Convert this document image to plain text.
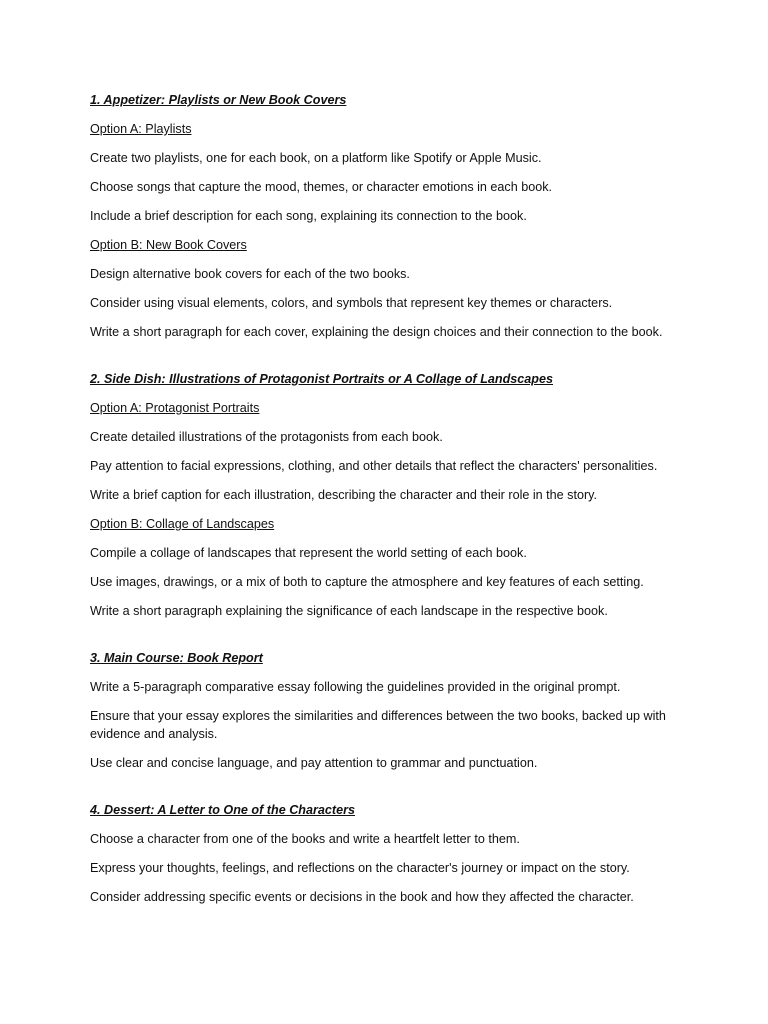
1. Appetizer: Playlists or New Book Covers

Option A: Playlists

Create two playlists, one for each book, on a platform like Spotify or Apple Music.

Choose songs that capture the mood, themes, or character emotions in each book.

Include a brief description for each song, explaining its connection to the book.

Option B: New Book Covers

Design alternative book covers for each of the two books.

Consider using visual elements, colors, and symbols that represent key themes or characters.

Write a short paragraph for each cover, explaining the design choices and their connection to the book.

2. Side Dish: Illustrations of Protagonist Portraits or A Collage of Landscapes

Option A: Protagonist Portraits

Create detailed illustrations of the protagonists from each book.

Pay attention to facial expressions, clothing, and other details that reflect the characters' personalities.

Write a brief caption for each illustration, describing the character and their role in the story.

Option B: Collage of Landscapes

Compile a collage of landscapes that represent the world setting of each book.

Use images, drawings, or a mix of both to capture the atmosphere and key features of each setting.

Write a short paragraph explaining the significance of each landscape in the respective book.

3. Main Course: Book Report

Write a 5-paragraph comparative essay following the guidelines provided in the original prompt.

Ensure that your essay explores the similarities and differences between the two books, backed up with evidence and analysis.

Use clear and concise language, and pay attention to grammar and punctuation.

4. Dessert: A Letter to One of the Characters

Choose a character from one of the books and write a heartfelt letter to them.

Express your thoughts, feelings, and reflections on the character's journey or impact on the story.

Consider addressing specific events or decisions in the book and how they affected the character.
